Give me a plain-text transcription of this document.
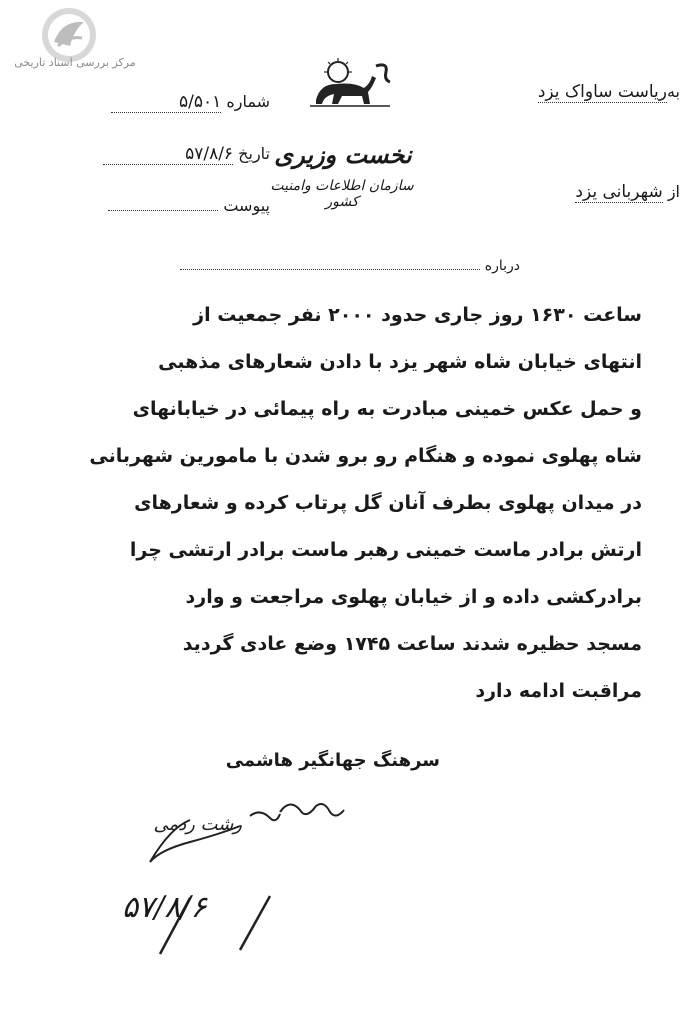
مرکز بررسی اسناد تاریخی
نخست وزیری
سازمان اطلاعات وامنیت کشور
بهریاست ساواک یزد
از شهربانی یزد
شماره ۵/۵۰۱
تاریخ ۵۷/۸/۶
پیوست
درباره

ساعت ۱۶۳۰ روز جاری حدود ۲۰۰۰ نفر جمعیت از

انتهای خیابان شاه شهر یزد با دادن شعارهای مذهبی

و حمل عکس خمینی مبادرت به راه پیمائی در خیابانهای

شاه پهلوی نموده و هنگام رو برو شدن با مامورین شهربانی

در میدان پهلوی بطرف آنان گل پرتاب کرده و شعارهای

ارتش برادر ماست خمینی رهبر ماست برادر ارتشی چرا

برادرکشی داده و از خیابان پهلوی مراجعت و وارد

مسجد حظیره شدند ساعت ۱۷۴۵ وضع عادی گردید

مراقبت ادامه دارد

سرهنگ جهانگیر هاشمی
رشت ردمی
۵۷/۸/۶
